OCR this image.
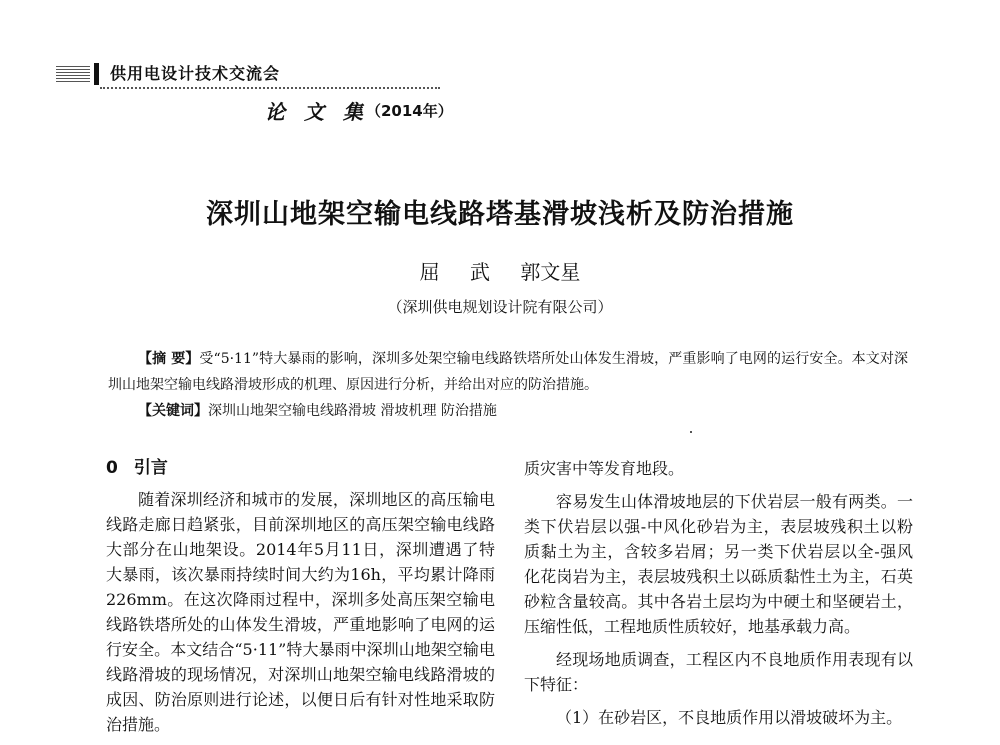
供用电设计技术交流会
论 文 集
（2014年）
深圳山地架空输电线路塔基滑坡浅析及防治措施
屈 武 郭文星
（深圳供电规划设计院有限公司）
【摘 要】受“5·11”特大暴雨的影响，深圳多处架空输电线路铁塔所处山体发生滑坡，严重影响了电网的运行安全。本文对深圳山地架空输电线路滑坡形成的机理、原因进行分析，并给出对应的防治措施。
【关键词】深圳山地架空输电线路滑坡 滑坡机理 防治措施
0 引言

随着深圳经济和城市的发展，深圳地区的高压输电线路走廊日趋紧张，目前深圳地区的高压架空输电线路大部分在山地架设。2014年5月11日，深圳遭遇了特大暴雨，该次暴雨持续时间大约为16h，平均累计降雨226mm。在这次降雨过程中，深圳多处高压架空输电线路铁塔所处的山体发生滑坡，严重地影响了电网的运行安全。本文结合“5·11”特大暴雨中深圳山地架空输电线路滑坡的现场情况，对深圳山地架空输电线路滑坡的成因、防治原则进行论述，以便日后有针对性地采取防治措施。

质灾害中等发育地段。

容易发生山体滑坡地层的下伏岩层一般有两类。一类下伏岩层以强-中风化砂岩为主，表层坡残积土以粉质黏土为主，含较多岩屑；另一类下伏岩层以全-强风化花岗岩为主，表层坡残积土以砾质黏性土为主，石英砂粒含量较高。其中各岩土层均为中硬土和坚硬岩土，压缩性低，工程地质性质较好，地基承载力高。

经现场地质调查，工程区内不良地质作用表现有以下特征：

（1）在砂岩区，不良地质作用以滑坡破坏为主。
